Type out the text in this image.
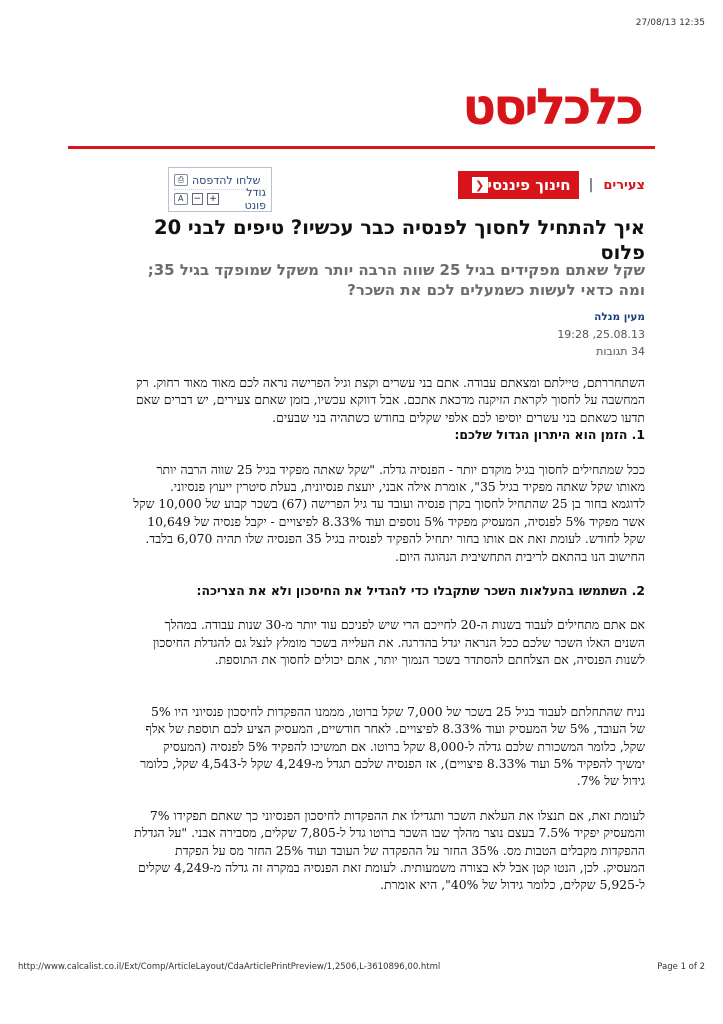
27/08/13 12:35
כלכליסט
❮ חינוך פיננסי | צעירים
שלחו להדפסה
⎙
גודל פונט
+
−
A
איך להתחיל לחסוך לפנסיה כבר עכשיו? טיפים לבני 20 פלוס
שקל שאתם מפקידים בגיל 25 שווה הרבה יותר משקל שמופקד בגיל 35; ומה כדאי לעשות כשמעלים לכם את השכר?
מעין מנלה
25.08.13, 19:28
34 תגובות

השתחררתם, טיילתם ומצאתם עבודה. אתם בני עשרים וקצת וגיל הפרישה נראה לכם מאוד מאוד רחוק. רק המחשבה על לחסוך לקראת הזיקנה מדכאת אתכם. אבל דווקא עכשיו, בזמן שאתם צעירים, יש דברים שאם תדעו כשאתם בני עשרים יוסיפו לכם אלפי שקלים בחודש כשתהיה בני שבעים.

1. הזמן הוא היתרון הגדול שלכם:

ככל שמתחילים לחסוך בגיל מוקדם יותר - הפנסיה גדלה. "שקל שאתה מפקיד בגיל 25 שווה הרבה יותר מאותו שקל שאתה מפקיד בגיל 35", אומרת אילה אבני, יועצת פנסיונית, בעלת סיטרין ייעוץ פנסיוני. לדוגמא בחור בן 25 שהתחיל לחסוך בקרן פנסיה ועובד עד גיל הפרישה (67) בשכר קבוע של 10,000 שקל אשר מפקיד 5% לפנסיה, המעסיק מפקיד 5% נוספים ועוד 8.33% לפיצויים - יקבל פנסיה של 10,649 שקל לחודש. לעומת זאת אם אותו בחור יתחיל להפקיד לפנסיה בגיל 35 הפנסיה שלו תהיה 6,070 בלבד. החישוב הנו בהתאם לריבית התחשיבית הנהוגה היום.

2. השתמשו בהעלאות השכר שתקבלו כדי להגדיל את החיסכון ולא את הצריכה:

אם אתם מתחילים לעבוד בשנות ה-20 לחייכם הרי שיש לפניכם עוד יותר מ-30 שנות עבודה. במהלך השנים האלו השכר שלכם ככל הנראה יגדל בהדרגה. את העלייה בשכר מומלץ לנצל גם להגדלת החיסכון לשנות הפנסיה, אם הצלחתם להסתדר בשכר הנמוך יותר, אתם יכולים לחסוך את התוספת.

נניח שהתחלתם לעבוד בגיל 25 בשכר של 7,000 שקל ברוטו, מממנו ההפקדות לחיסכון פנסיוני היו 5% של העובד, 5% של המעסיק ועוד 8.33% לפיצויים. לאחר חודשיים, המעסיק הציע לכם תוספת של אלף שקל, כלומר המשכורת שלכם גדלה ל-8,000 שקל ברוטו. אם תמשיכו להפקיד 5% לפנסיה (המעסיק ימשיך להפקיד 5% ועוד 8.33% פיצויים), אז הפנסיה שלכם תגדל מ-4,249 שקל ל-4,543 שקל, כלומר גידול של 7%.

לעומת זאת, אם תנצלו את העלאת השכר ותגדילו את ההפקדות לחיסכון הפנסיוני כך שאתם תפקידו 7% והמעסיק יפקיד 7.5% בעצם נוצר מהלך שבו השכר ברוטו גדל ל-7,805 שקלים, מסבירה אבני. "על הגדלת ההפקדות מקבלים הטבות מס. 35% החזר על ההפקדה של העובד ועוד 25% החזר מס על הפקדת המעסיק. לכן, הנטו קטן אבל לא בצורה משמעותית. לעומת זאת הפנסיה במקרה זה גדלה מ-4,249 שקלים ל-5,925 שקלים, כלומר גידול של 40%", היא אומרת.

http://www.calcalist.co.il/Ext/Comp/ArticleLayout/CdaArticlePrintPreview/1,2506,L-3610896,00.html	Page 1 of 2
